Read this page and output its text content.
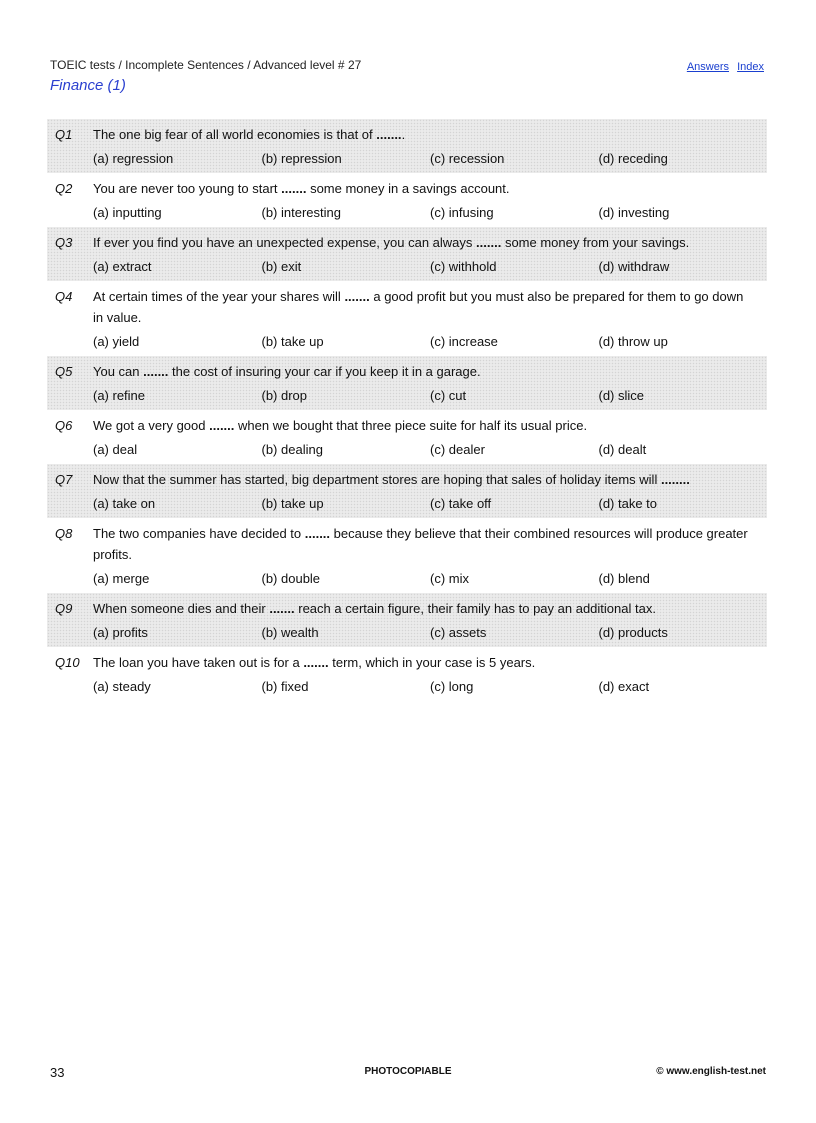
TOEIC tests / Incomplete Sentences / Advanced level # 27	Answers Index
Finance (1)
Q1	The one big fear of all world economies is that of ........
(a) regression	(b) repression	(c) recession	(d) receding
Q2	You are never too young to start ....... some money in a savings account.
(a) inputting	(b) interesting	(c) infusing	(d) investing
Q3	If ever you find you have an unexpected expense, you can always ....... some money from your savings.
(a) extract	(b) exit	(c) withhold	(d) withdraw
Q4	At certain times of the year your shares will ....... a good profit but you must also be prepared for them to go down in value.
(a) yield	(b) take up	(c) increase	(d) throw up
Q5	You can ....... the cost of insuring your car if you keep it in a garage.
(a) refine	(b) drop	(c) cut	(d) slice
Q6	We got a very good ....... when we bought that three piece suite for half its usual price.
(a) deal	(b) dealing	(c) dealer	(d) dealt
Q7	Now that the summer has started, big department stores are hoping that sales of holiday items will ........
(a) take on	(b) take up	(c) take off	(d) take to
Q8	The two companies have decided to ....... because they believe that their combined resources will produce greater profits.
(a) merge	(b) double	(c) mix	(d) blend
Q9	When someone dies and their ....... reach a certain figure, their family has to pay an additional tax.
(a) profits	(b) wealth	(c) assets	(d) products
Q10	The loan you have taken out is for a ....... term, which in your case is 5 years.
(a) steady	(b) fixed	(c) long	(d) exact
33	PHOTOCOPIABLE	© www.english-test.net
